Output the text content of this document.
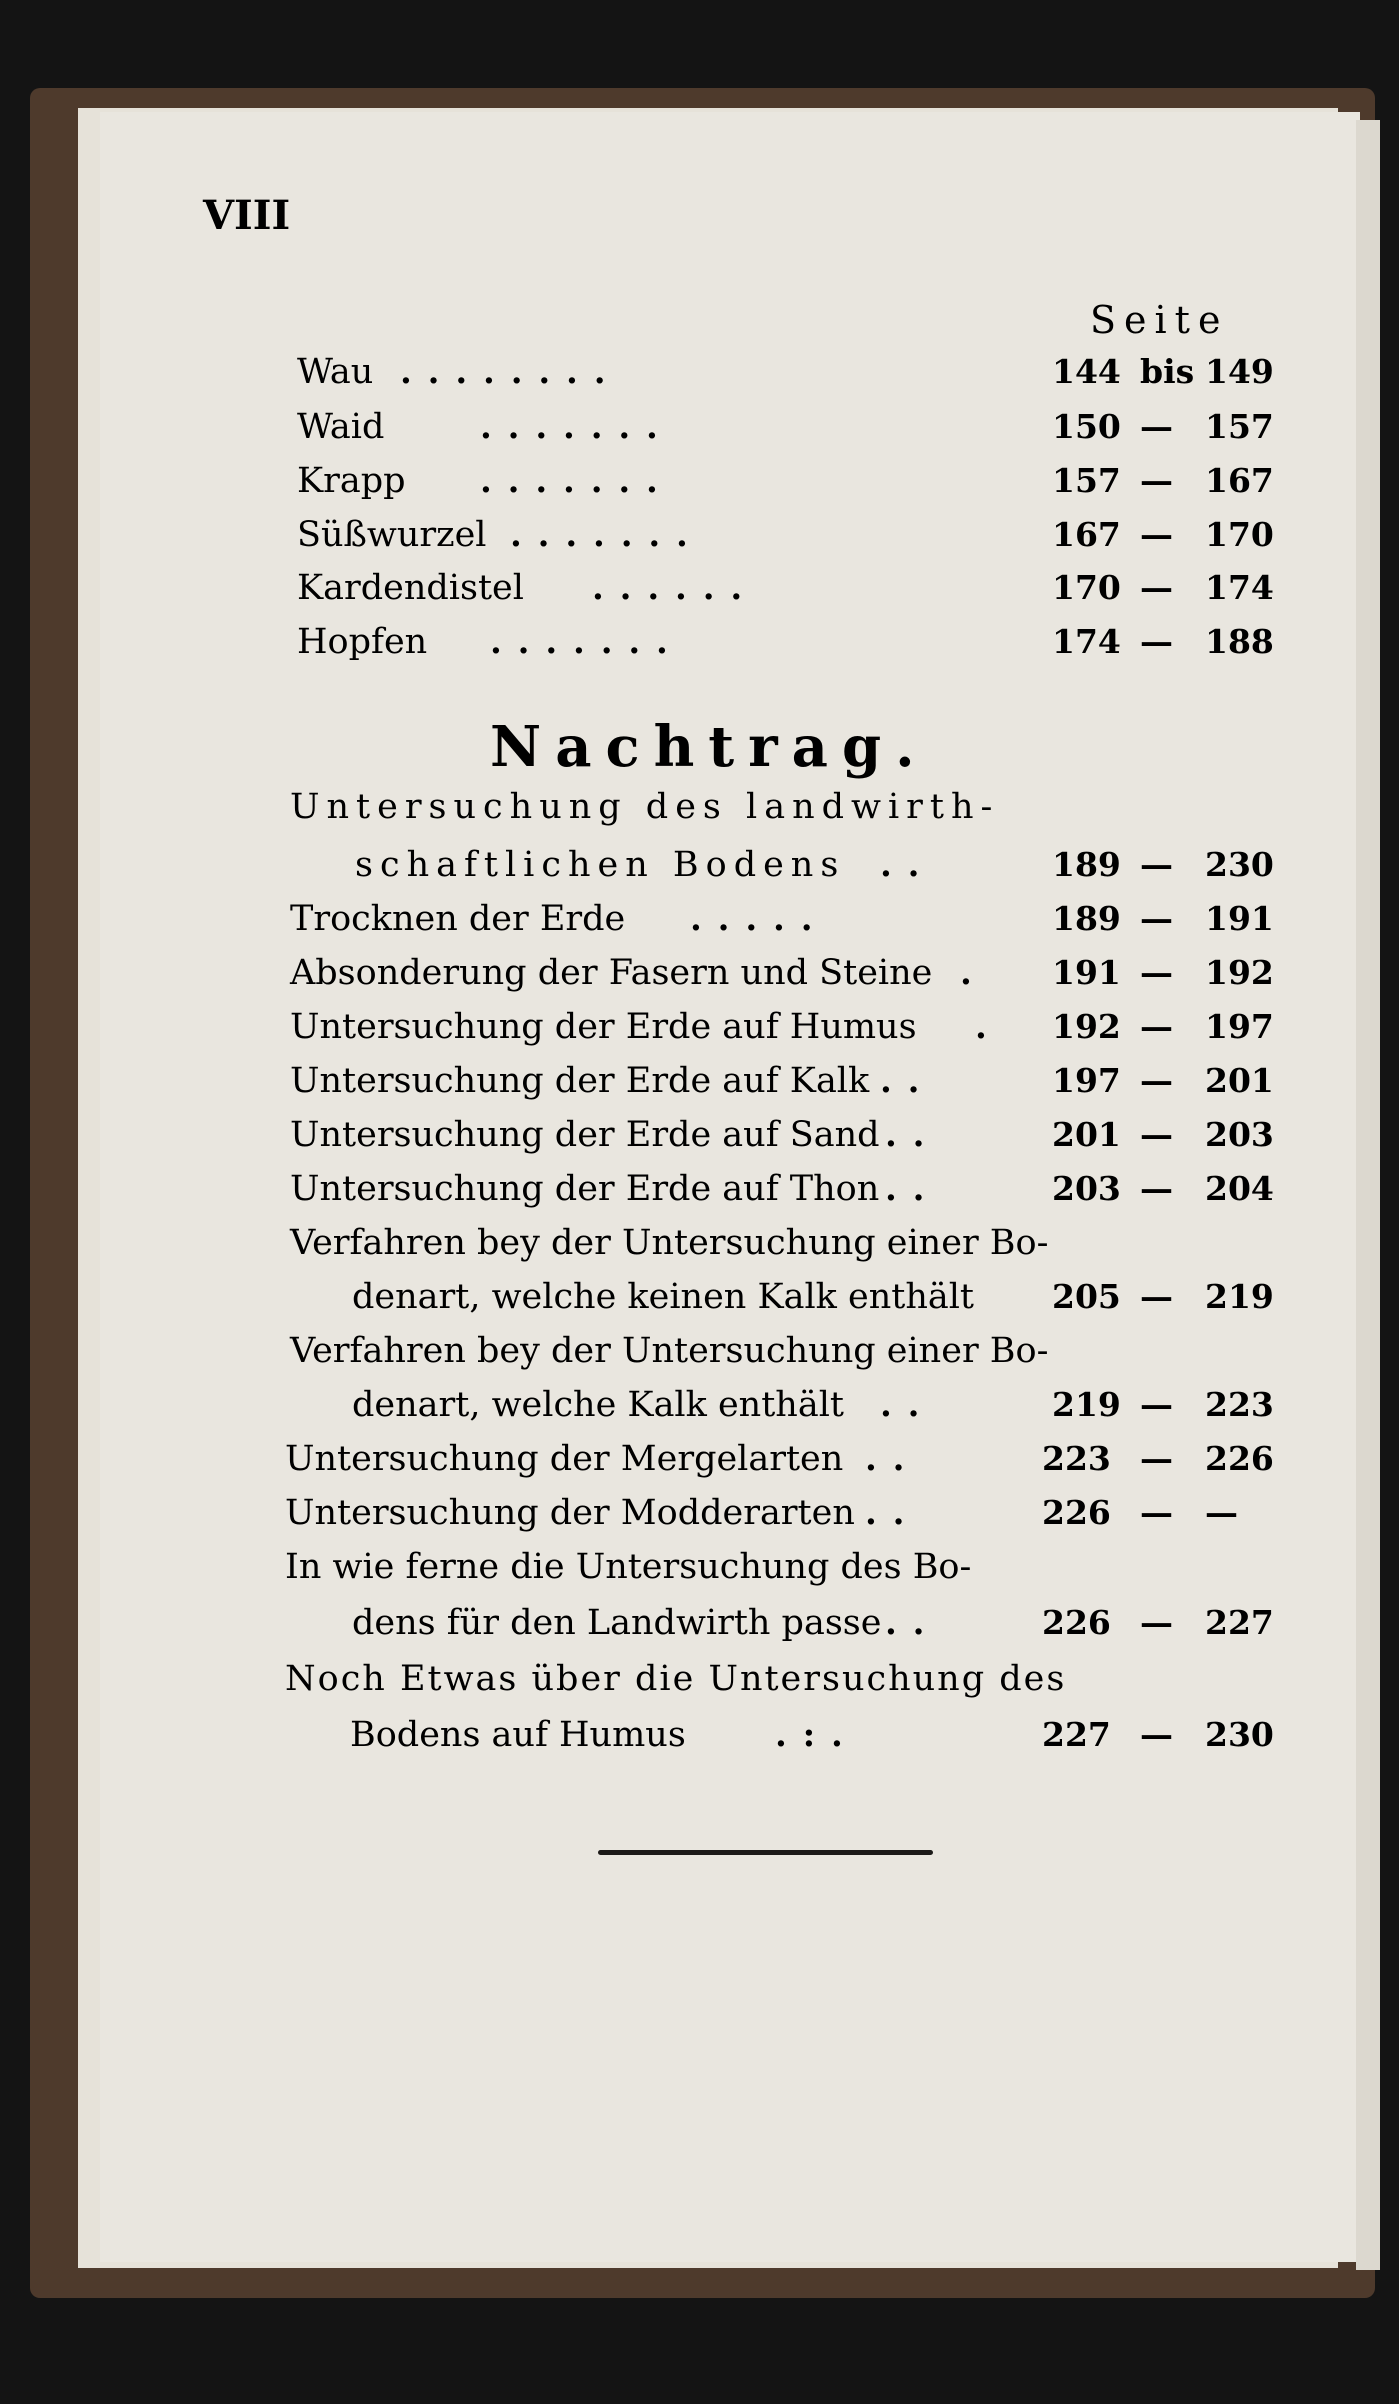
VIII
Seite
Wau . . . . . . . .	144 bis 149
Waid	. . . . . . .	150 — 157
Krapp . . . . . . .	157 — 167
Süßwurzel . . . . . . .	167 — 170
Kardendistel . . . . . .	170 — 174
Hopfen . . . . . . .	174 — 188
Nachtrag.
Untersuchung des landwirth-
schaftlichen Bodens . .	189 — 230
Trocknen der Erde . . . . .	189 — 191
Absonderung der Fasern und Steine . 191 — 192
Untersuchung der Erde auf Humus . 192 — 197
Untersuchung der Erde auf Kalk . .	197 — 201
Untersuchung der Erde auf Sand . .	201 — 203
Untersuchung der Erde auf Thon . .	203 — 204
Verfahren bey der Untersuchung einer Bo-
denart, welche keinen Kalk enthält 205 — 219
Verfahren bey der Untersuchung einer Bo-
denart, welche Kalk enthält . .	219 — 223
Untersuchung der Mergelarten . .	223 — 226
Untersuchung der Modderarten . .	226 — —
In wie ferne die Untersuchung des Bo-
dens für den Landwirth passe . .	226 — 227
Noch Etwas über die Untersuchung des
Bodens auf Humus	. : .	227 — 230
